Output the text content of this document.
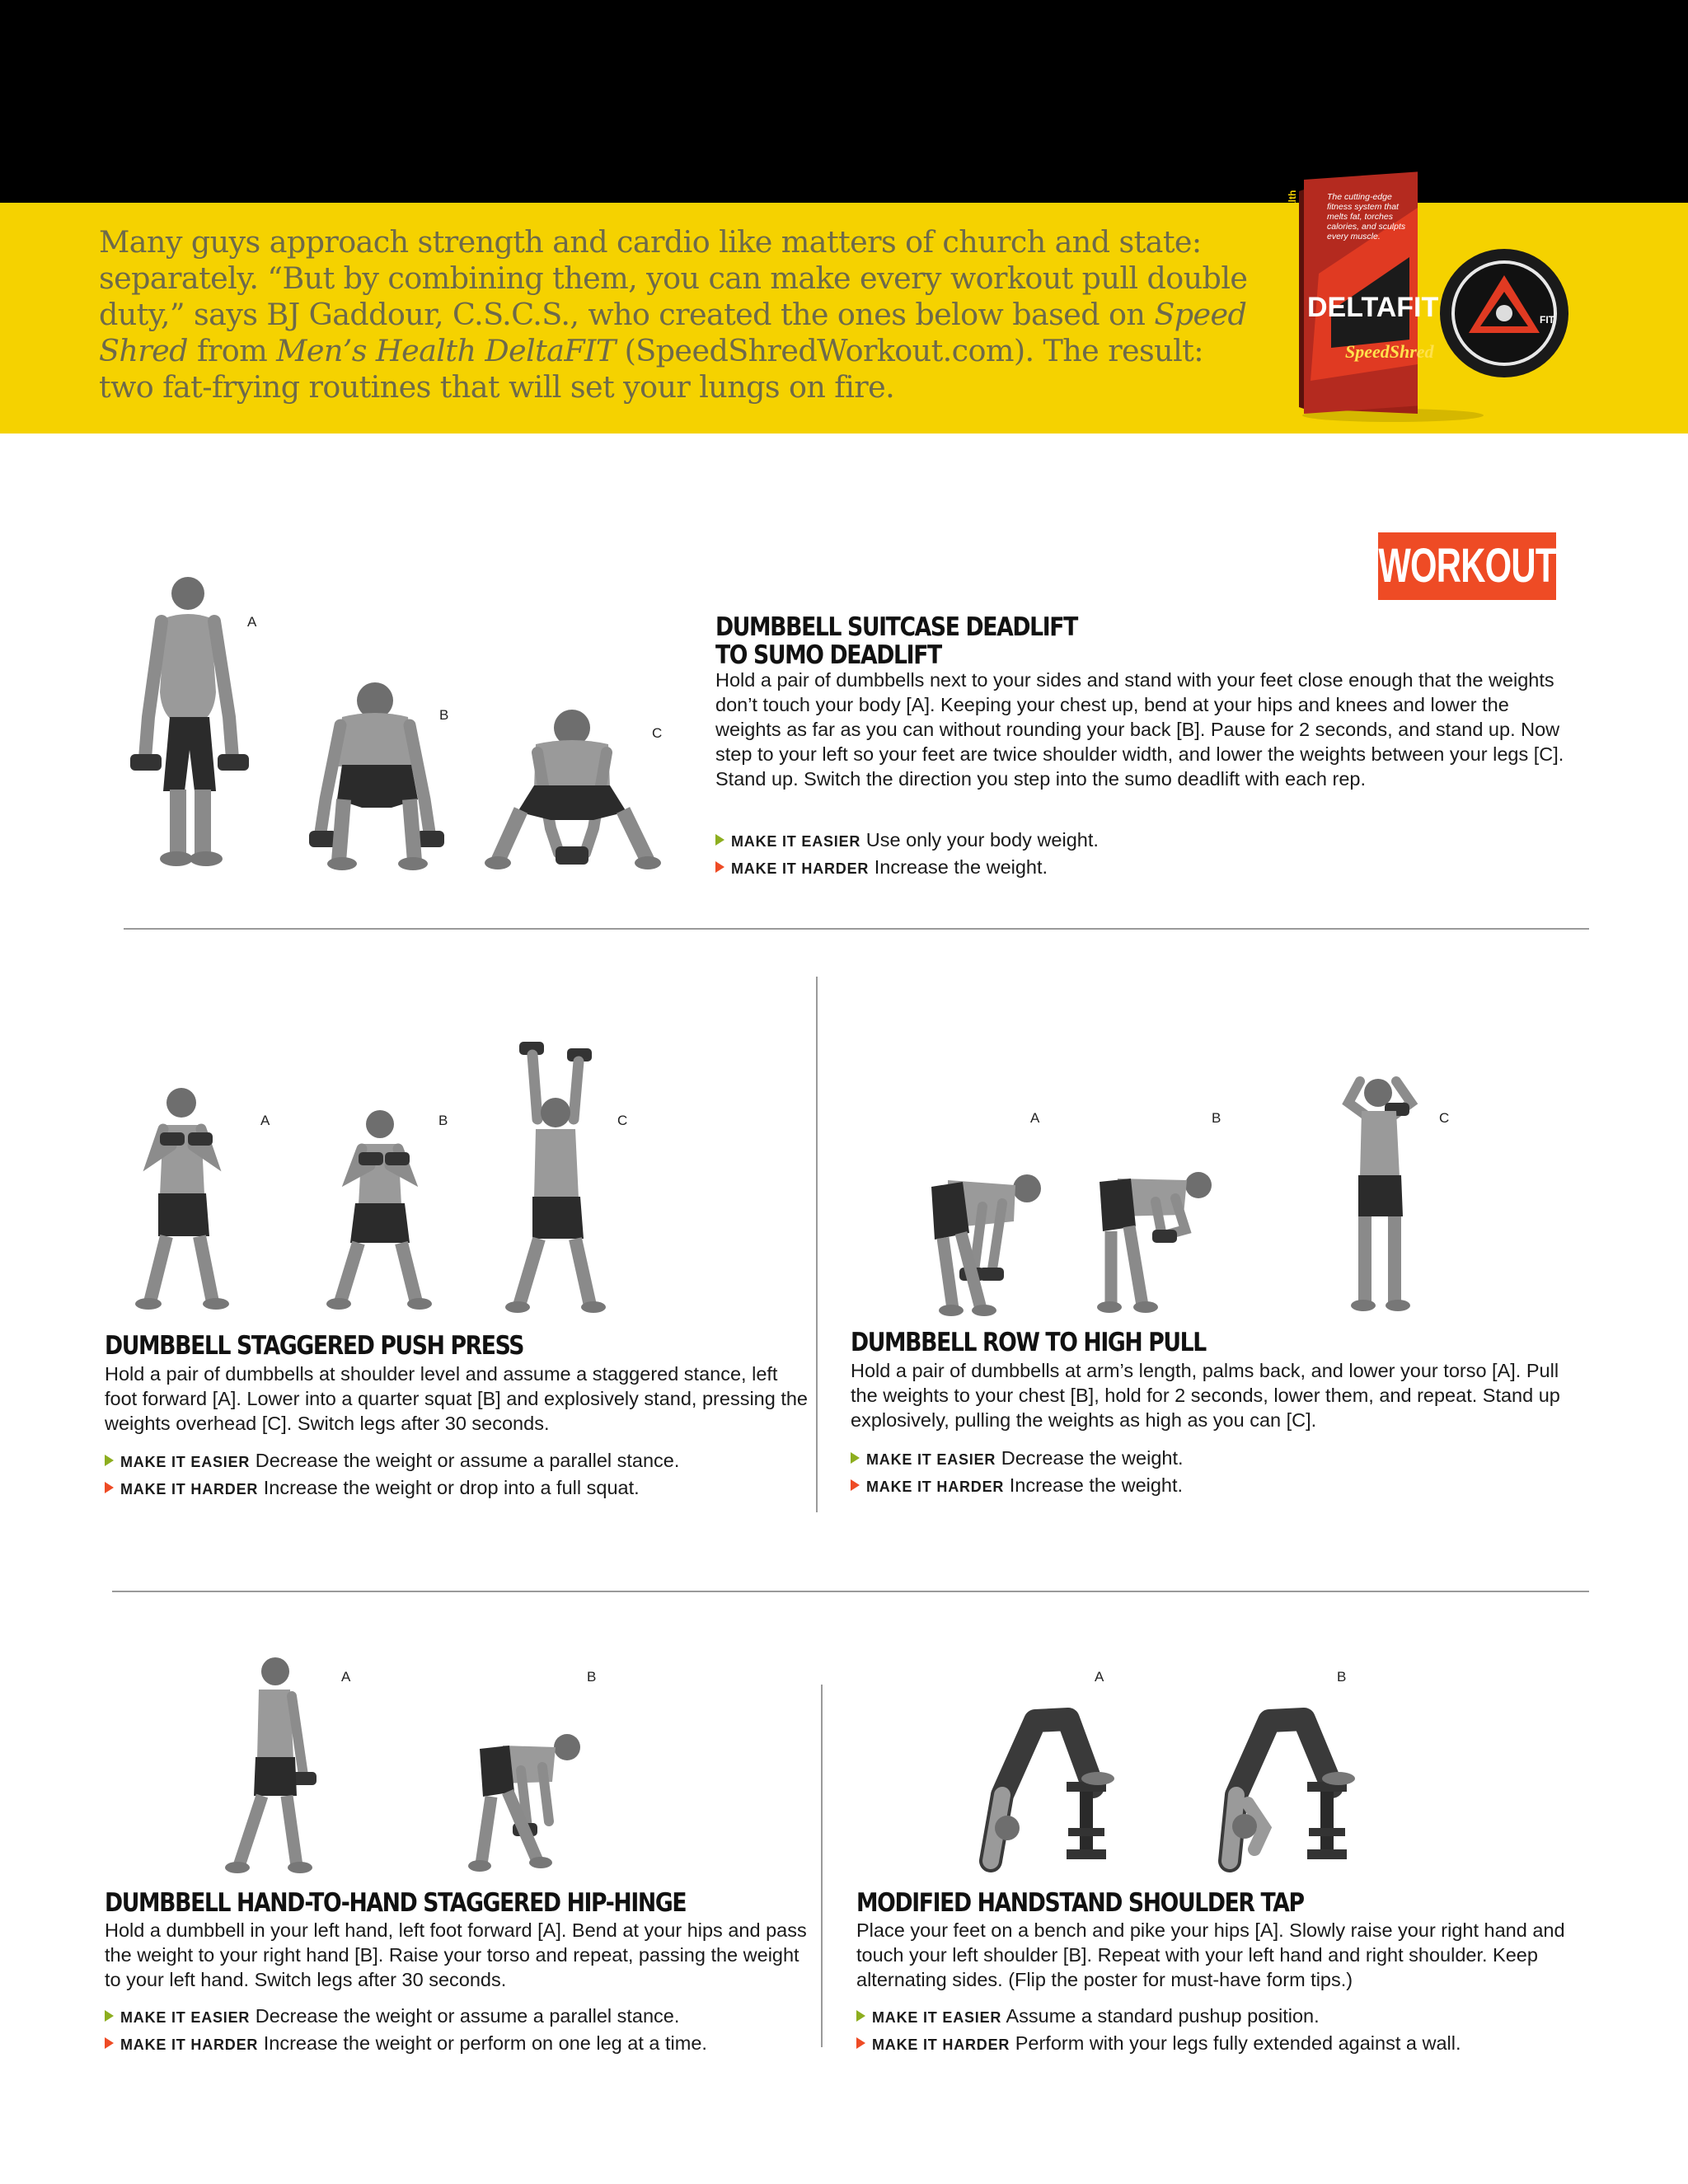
Many guys approach strength and cardio like matters of church and state: separately. “But by combining them, you can make every workout pull double duty,” says BJ Gaddour, C.S.C.S., who created the ones below based on Speed Shred from Men’s Health DeltaFIT (SpeedShredWorkout.com). The result: two fat-frying routines that will set your lungs on fire.
FIT
MensHealth	The cutting-edge fitness system that melts fat, torches calories, and sculpts every muscle.
DELTAFIT
SpeedShred
WORKOUT B
A
B
C
DUMBBELL SUITCASE DEADLIFT
TO SUMO DEADLIFT
Hold a pair of dumbbells next to your sides and stand with your feet close enough that the weights don’t touch your body [A]. Keeping your chest up, bend at your hips and knees and lower the weights as far as you can without rounding your back [B]. Pause for 2 seconds, and stand up. Now step to your left so your feet are twice shoulder width, and lower the weights between your legs [C]. Stand up. Switch the direction you step into the sumo deadlift with each rep.
MAKE IT EASIER Use only your body weight.
MAKE IT HARDER Increase the weight.
A	B	C
DUMBBELL STAGGERED PUSH PRESS
Hold a pair of dumbbells at shoulder level and assume a staggered stance, left foot forward [A]. Lower into a quarter squat [B] and explosively stand, pressing the weights overhead [C]. Switch legs after 30 seconds.
MAKE IT EASIER Decrease the weight or assume a parallel stance.
MAKE IT HARDER Increase the weight or drop into a full squat.
A	B	C
DUMBBELL ROW TO HIGH PULL
Hold a pair of dumbbells at arm’s length, palms back, and lower your torso [A]. Pull the weights to your chest [B], hold for 2 seconds, lower them, and repeat. Stand up explosively, pulling the weights as high as you can [C].
MAKE IT EASIER Decrease the weight.
MAKE IT HARDER Increase the weight.
A	B
DUMBBELL HAND-TO-HAND STAGGERED HIP-HINGE
Hold a dumbbell in your left hand, left foot forward [A]. Bend at your hips and pass the weight to your right hand [B]. Raise your torso and repeat, passing the weight to your left hand. Switch legs after 30 seconds.
MAKE IT EASIER Decrease the weight or assume a parallel stance.
MAKE IT HARDER Increase the weight or perform on one leg at a time.
A	B
MODIFIED HANDSTAND SHOULDER TAP
Place your feet on a bench and pike your hips [A]. Slowly raise your right hand and touch your left shoulder [B]. Repeat with your left hand and right shoulder. Keep alternating sides. (Flip the poster for must-have form tips.)
MAKE IT EASIER Assume a standard pushup position.
MAKE IT HARDER Perform with your legs fully extended against a wall.
